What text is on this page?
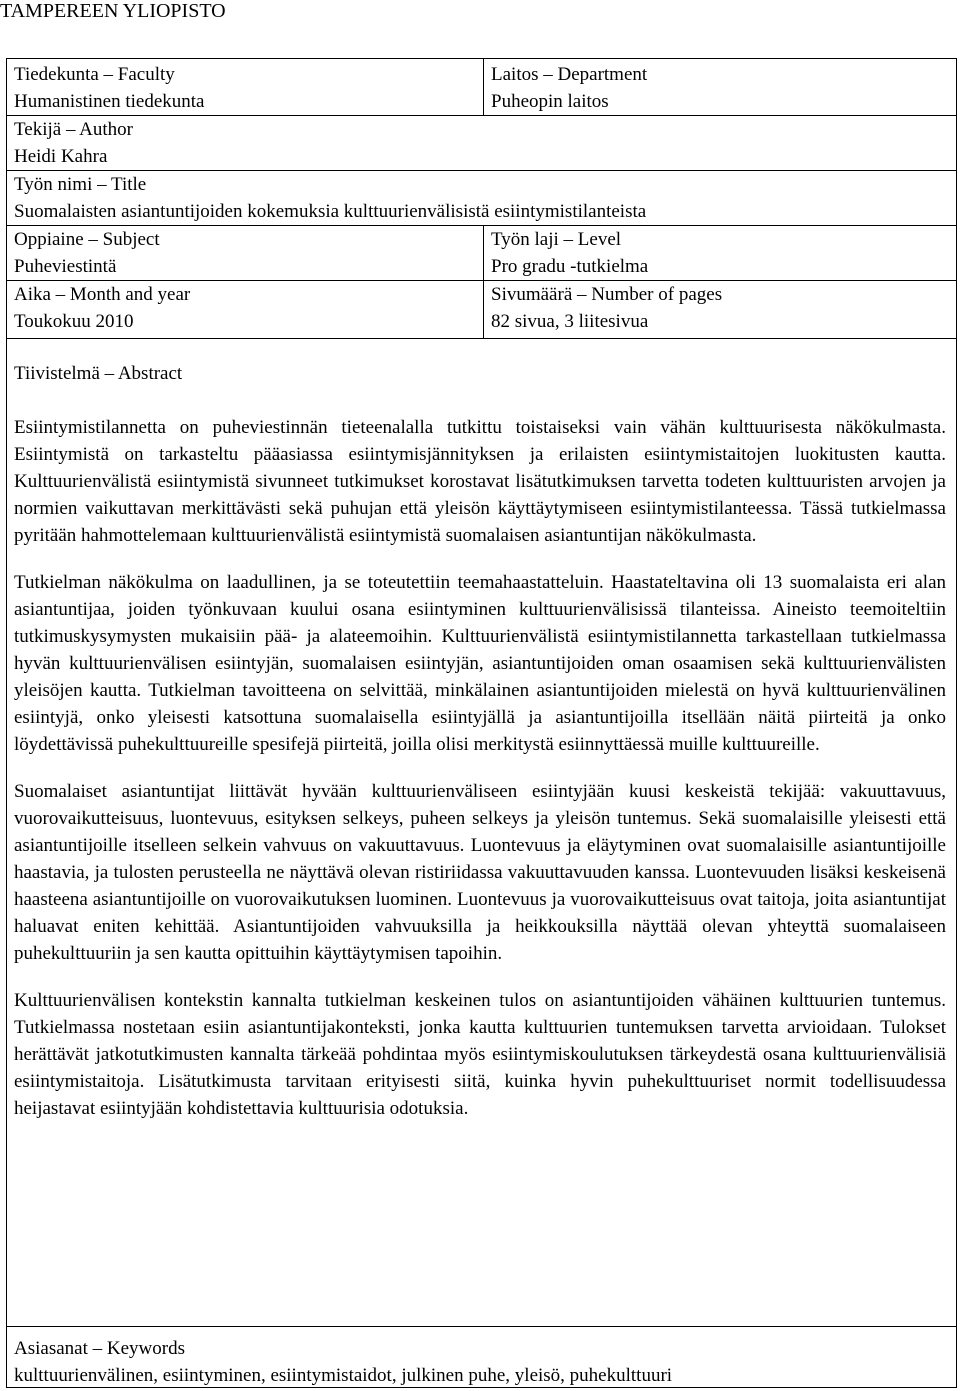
TAMPEREEN YLIOPISTO
Tiedekunta – Faculty
Humanistinen tiedekunta
Laitos – Department
Puheopin laitos
Tekijä – Author
Heidi Kahra
Työn nimi – Title
Suomalaisten asiantuntijoiden kokemuksia kulttuurienvälisistä esiintymistilanteista
Oppiaine – Subject
Puheviestintä
Työn laji – Level
Pro gradu -tutkielma
Aika – Month and year
Toukokuu 2010
Sivumäärä – Number of pages
82 sivua, 3 liitesivua
Tiivistelmä – Abstract

Esiintymistilannetta on puheviestinnän tieteenalalla tutkittu toistaiseksi vain vähän kulttuurisesta näkökulmasta. Esiintymistä on tarkasteltu pääasiassa esiintymisjännityksen ja erilaisten esiintymistaitojen luokitusten kautta. Kulttuurienvälistä esiintymistä sivunneet tutkimukset korostavat lisätutkimuksen tarvetta todeten kulttuuristen arvojen ja normien vaikuttavan merkittävästi sekä puhujan että yleisön käyttäytymiseen esiintymistilanteessa. Tässä tutkielmassa pyritään hahmottelemaan kulttuurienvälistä esiintymistä suomalaisen asiantuntijan näkökulmasta.

Tutkielman näkökulma on laadullinen, ja se toteutettiin teemahaastatteluin. Haastateltavina oli 13 suomalaista eri alan asiantuntijaa, joiden työnkuvaan kuului osana esiintyminen kulttuurienvälisissä tilanteissa. Aineisto teemoiteltiin tutkimuskysymysten mukaisiin pää- ja alateemoihin. Kulttuurienvälistä esiintymistilannetta tarkastellaan tutkielmassa hyvän kulttuurienvälisen esiintyjän, suomalaisen esiintyjän, asiantuntijoiden oman osaamisen sekä kulttuurienvälisten yleisöjen kautta. Tutkielman tavoitteena on selvittää, minkälainen asiantuntijoiden mielestä on hyvä kulttuurienvälinen esiintyjä, onko yleisesti katsottuna suomalaisella esiintyjällä ja asiantuntijoilla itsellään näitä piirteitä ja onko löydettävissä puhekulttuureille spesifejä piirteitä, joilla olisi merkitystä esiinnyttäessä muille kulttuureille.

Suomalaiset asiantuntijat liittävät hyvään kulttuurienväliseen esiintyjään kuusi keskeistä tekijää: vakuuttavuus, vuorovaikutteisuus, luontevuus, esityksen selkeys, puheen selkeys ja yleisön tuntemus. Sekä suomalaisille yleisesti että asiantuntijoille itselleen selkein vahvuus on vakuuttavuus. Luontevuus ja eläytyminen ovat suomalaisille asiantuntijoille haastavia, ja tulosten perusteella ne näyttävä olevan ristiriidassa vakuuttavuuden kanssa. Luontevuuden lisäksi keskeisenä haasteena asiantuntijoille on vuorovaikutuksen luominen. Luontevuus ja vuorovaikutteisuus ovat taitoja, joita asiantuntijat haluavat eniten kehittää. Asiantuntijoiden vahvuuksilla ja heikkouksilla näyttää olevan yhteyttä suomalaiseen puhekulttuuriin ja sen kautta opittuihin käyttäytymisen tapoihin.

Kulttuurienvälisen kontekstin kannalta tutkielman keskeinen tulos on asiantuntijoiden vähäinen kulttuurien tuntemus. Tutkielmassa nostetaan esiin asiantuntijakonteksti, jonka kautta kulttuurien tuntemuksen tarvetta arvioidaan. Tulokset herättävät jatkotutkimusten kannalta tärkeää pohdintaa myös esiintymiskoulutuksen tärkeydestä osana kulttuurienvälisiä esiintymistaitoja. Lisätutkimusta tarvitaan erityisesti siitä, kuinka hyvin puhekulttuuriset normit todellisuudessa heijastavat esiintyjään kohdistettavia kulttuurisia odotuksia.

Asiasanat – Keywords
kulttuurienvälinen, esiintyminen, esiintymistaidot, julkinen puhe, yleisö, puhekulttuuri
